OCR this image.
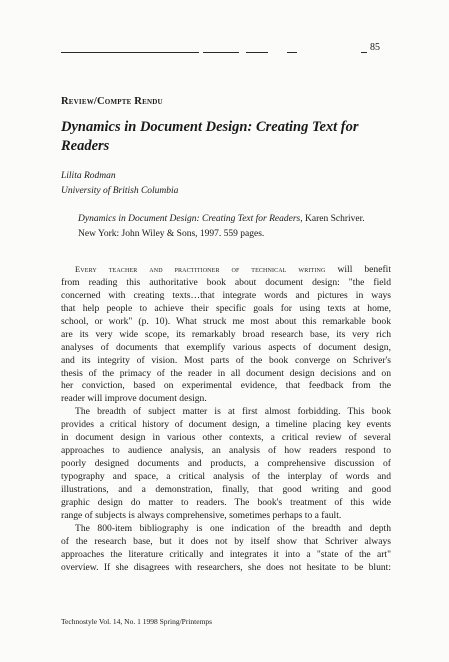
85
Review/Compte Rendu
Dynamics in Document Design: Creating Text for Readers
Lilita Rodman
University of British Columbia
Dynamics in Document Design: Creating Text for Readers, Karen Schriver. New York: John Wiley & Sons, 1997. 559 pages.
Every teacher and practitioner of technical writing will benefit
from reading this authoritative book about document design: "the field
concerned with creating texts…that integrate words and pictures in ways
that help people to achieve their specific goals for using texts at home,
school, or work" (p. 10). What struck me most about this remarkable book
are its very wide scope, its remarkably broad research base, its very rich
analyses of documents that exemplify various aspects of document design,
and its integrity of vision. Most parts of the book converge on Schriver's
thesis of the primacy of the reader in all document design decisions and on
her conviction, based on experimental evidence, that feedback from the
reader will improve document design.
The breadth of subject matter is at first almost forbidding. This book
provides a critical history of document design, a timeline placing key events
in document design in various other contexts, a critical review of several
approaches to audience analysis, an analysis of how readers respond to
poorly designed documents and products, a comprehensive discussion of
typography and space, a critical analysis of the interplay of words and
illustrations, and a demonstration, finally, that good writing and good
graphic design do matter to readers. The book's treatment of this wide
range of subjects is always comprehensive, sometimes perhaps to a fault.
The 800-item bibliography is one indication of the breadth and depth
of the research base, but it does not by itself show that Schriver always
approaches the literature critically and integrates it into a "state of the art"
overview. If she disagrees with researchers, she does not hesitate to be blunt:
Technostyle Vol. 14, No. 1 1998 Spring/Printemps
